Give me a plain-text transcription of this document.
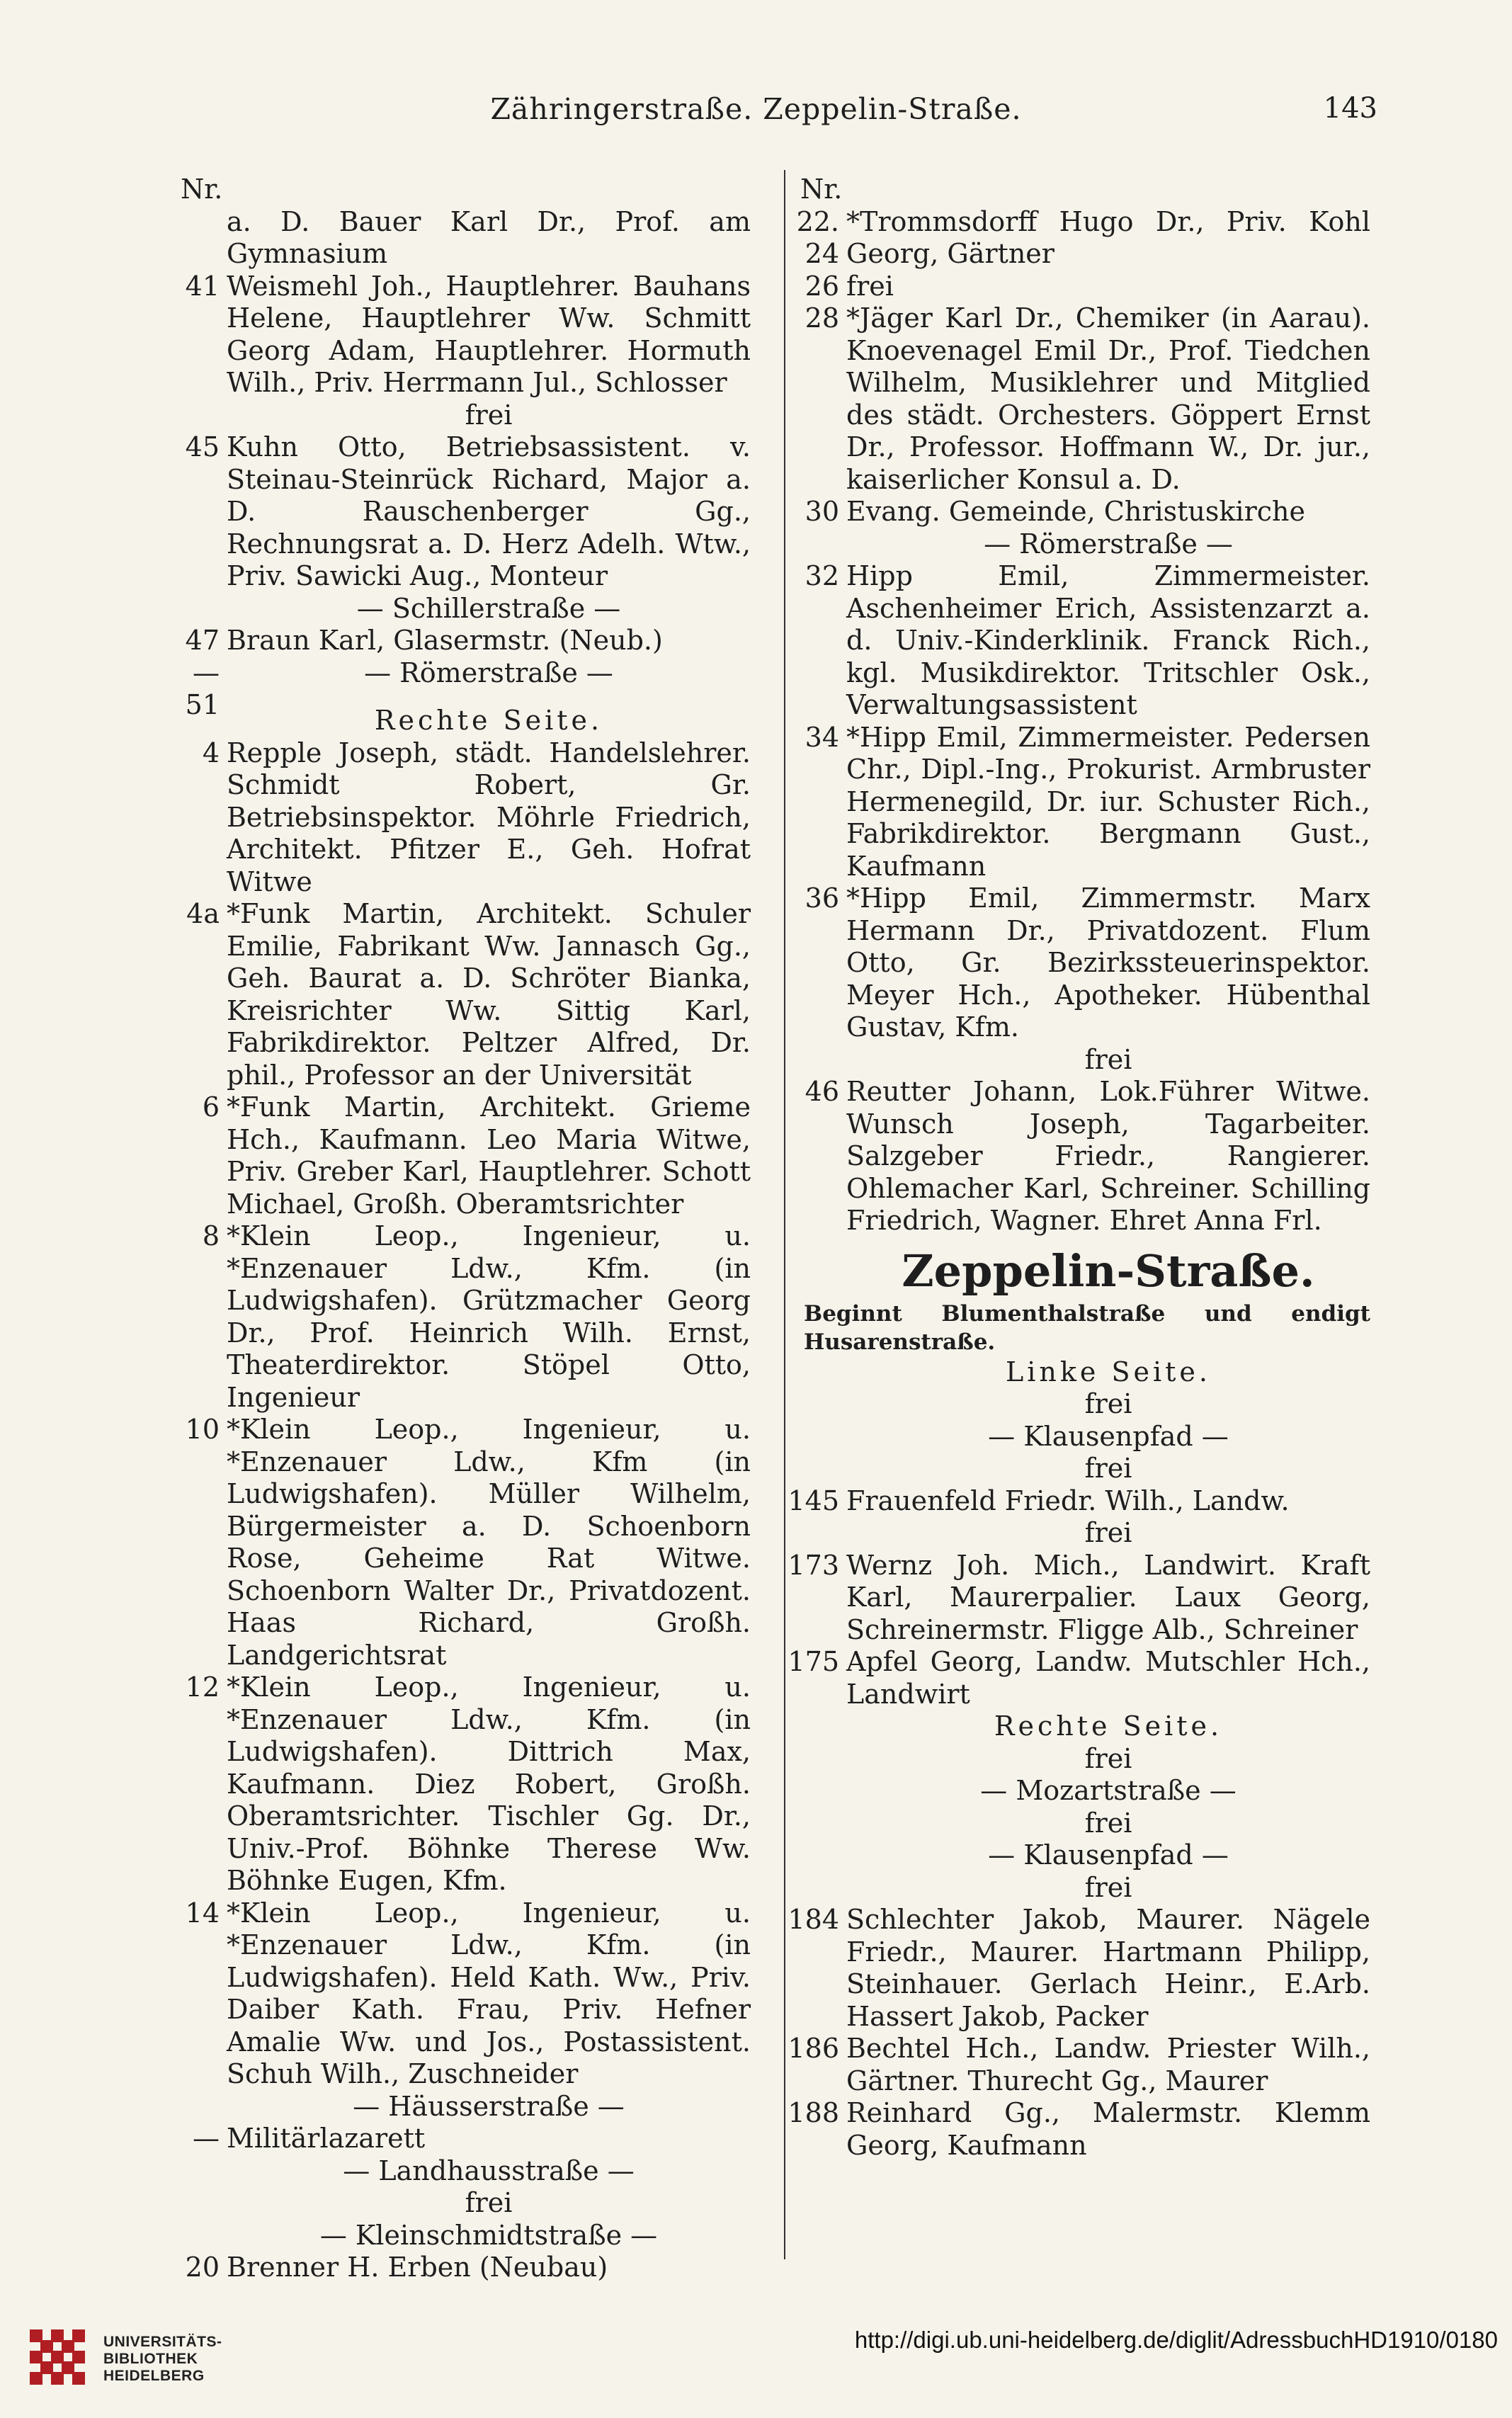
Zähringerstraße. Zeppelin-Straße.	143
Nr.
a. D. Bauer Karl Dr., Prof. am Gymnasium
41 Weismehl Joh., Hauptlehrer. Bauhans Helene, Hauptlehrer Ww. Schmitt Georg Adam, Hauptlehrer. Hormuth Wilh., Priv. Herrmann Jul., Schlosser
frei
45 Kuhn Otto, Betriebsassistent. v. Steinau-Steinrück Richard, Major a. D. Rauschenberger Gg., Rechnungsrat a. D. Herz Adelh. Wtw., Priv. Sawicki Aug., Monteur
— Schillerstraße —
47—51
Braun Karl, Glasermstr. (Neub.)
— Römerstraße —
Rechte Seite.
4 Repple Joseph, städt. Handelslehrer. Schmidt Robert, Gr. Betriebsinspektor. Möhrle Friedrich, Architekt. Pfitzer E., Geh. Hofrat Witwe
4a *Funk Martin, Architekt. Schuler Emilie, Fabrikant Ww. Jannasch Gg., Geh. Baurat a. D. Schröter Bianka, Kreisrichter Ww. Sittig Karl, Fabrikdirektor. Peltzer Alfred, Dr. phil., Professor an der Universität
6 *Funk Martin, Architekt. Grieme Hch., Kaufmann. Leo Maria Witwe, Priv. Greber Karl, Hauptlehrer. Schott Michael, Großh. Oberamtsrichter
8 *Klein Leop., Ingenieur, u. *Enzenauer Ldw., Kfm. (in Ludwigshafen). Grützmacher Georg Dr., Prof. Heinrich Wilh. Ernst, Theaterdirektor. Stöpel Otto, Ingenieur
10 *Klein Leop., Ingenieur, u. *Enzenauer Ldw., Kfm (in Ludwigshafen). Müller Wilhelm, Bürgermeister a. D. Schoenborn Rose, Geheime Rat Witwe. Schoenborn Walter Dr., Privatdozent. Haas Richard, Großh. Landgerichtsrat
12 *Klein Leop., Ingenieur, u. *Enzenauer Ldw., Kfm. (in Ludwigshafen). Dittrich Max, Kaufmann. Diez Robert, Großh. Oberamtsrichter. Tischler Gg. Dr., Univ.-Prof. Böhnke Therese Ww. Böhnke Eugen, Kfm.
14 *Klein Leop., Ingenieur, u. *Enzenauer Ldw., Kfm. (in Ludwigshafen). Held Kath. Ww., Priv. Daiber Kath. Frau, Priv. Hefner Amalie Ww. und Jos., Postassistent. Schuh Wilh., Zuschneider
— Häusserstraße —
— Militärlazarett
— Landhausstraße —
frei
— Kleinschmidtstraße —
20 Brenner H. Erben (Neubau)
Nr.
22. 24
*Trommsdorff Hugo Dr., Priv. Kohl Georg, Gärtner
26 frei
28 *Jäger Karl Dr., Chemiker (in Aarau). Knoevenagel Emil Dr., Prof. Tiedchen Wilhelm, Musiklehrer und Mitglied des städt. Orchesters. Göppert Ernst Dr., Professor. Hoffmann W., Dr. jur., kaiserlicher Konsul a. D.
30 Evang. Gemeinde, Christuskirche
— Römerstraße —
32 Hipp Emil, Zimmermeister. Aschenheimer Erich, Assistenzarzt a. d. Univ.-Kinderklinik. Franck Rich., kgl. Musikdirektor. Tritschler Osk., Verwaltungsassistent
34 *Hipp Emil, Zimmermeister. Pedersen Chr., Dipl.-Ing., Prokurist. Armbruster Hermenegild, Dr. iur. Schuster Rich., Fabrikdirektor. Bergmann Gust., Kaufmann
36 *Hipp Emil, Zimmermstr. Marx Hermann Dr., Privatdozent. Flum Otto, Gr. Bezirkssteuerinspektor. Meyer Hch., Apotheker. Hübenthal Gustav, Kfm.
frei
46 Reutter Johann, Lok.Führer Witwe. Wunsch Joseph, Tagarbeiter. Salzgeber Friedr., Rangierer. Ohlemacher Karl, Schreiner. Schilling Friedrich, Wagner. Ehret Anna Frl.
Zeppelin-Straße.
Beginnt Blumenthalstraße und endigt Husarenstraße.
Linke Seite.
frei
— Klausenpfad —
frei
145 Frauenfeld Friedr. Wilh., Landw.
frei
173 Wernz Joh. Mich., Landwirt. Kraft Karl, Maurerpalier. Laux Georg, Schreinermstr. Fligge Alb., Schreiner
175 Apfel Georg, Landw. Mutschler Hch., Landwirt
Rechte Seite.
frei
— Mozartstraße —
frei
— Klausenpfad —
frei
184 Schlechter Jakob, Maurer. Nägele Friedr., Maurer. Hartmann Philipp, Steinhauer. Gerlach Heinr., E.Arb. Hassert Jakob, Packer
186 Bechtel Hch., Landw. Priester Wilh., Gärtner. Thurecht Gg., Maurer
188 Reinhard Gg., Malermstr. Klemm Georg, Kaufmann
UNIVERSITÄTS-
BIBLIOTHEK
HEIDELBERG
http://digi.ub.uni-heidelberg.de/diglit/AdressbuchHD1910/0180
